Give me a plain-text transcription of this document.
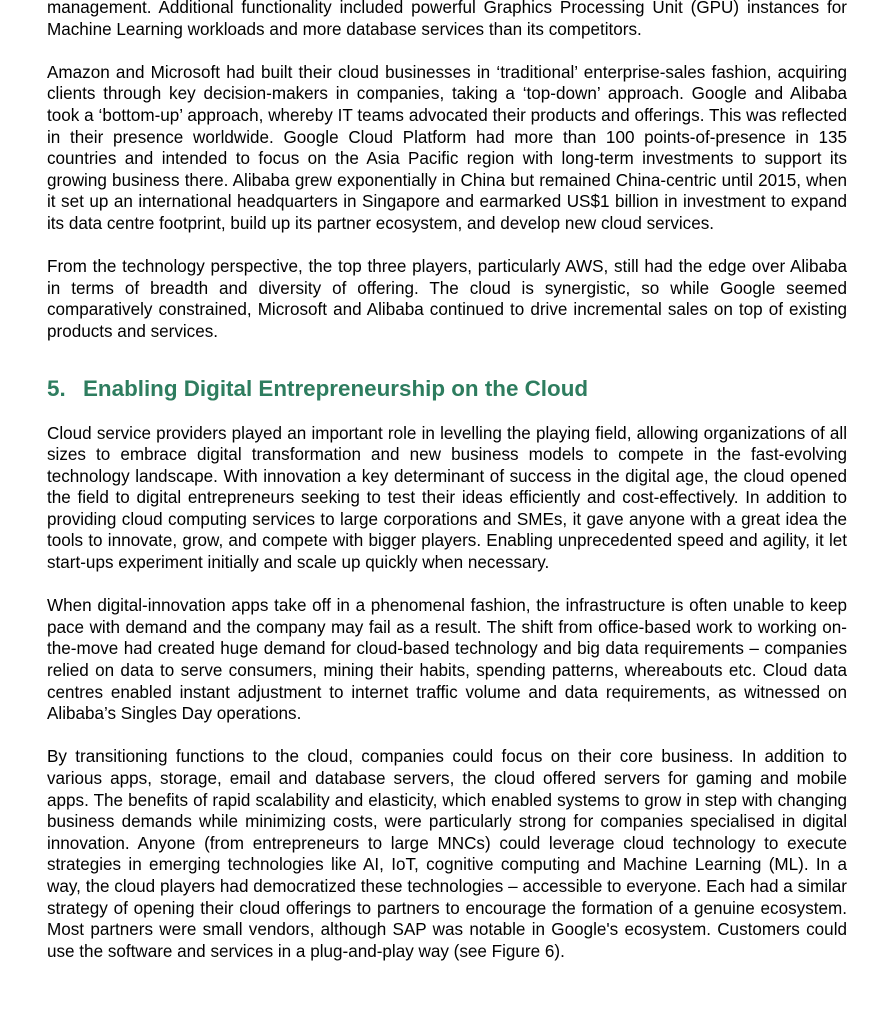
management. Additional functionality included powerful Graphics Processing Unit (GPU) instances for Machine Learning workloads and more database services than its competitors.

Amazon and Microsoft had built their cloud businesses in ‘traditional’ enterprise-sales fashion, acquiring clients through key decision-makers in companies, taking a ‘top-down’ approach. Google and Alibaba took a ‘bottom-up’ approach, whereby IT teams advocated their products and offerings. This was reflected in their presence worldwide. Google Cloud Platform had more than 100 points-of-presence in 135 countries and intended to focus on the Asia Pacific region with long-term investments to support its growing business there. Alibaba grew exponentially in China but remained China-centric until 2015, when it set up an international headquarters in Singapore and earmarked US$1 billion in investment to expand its data centre footprint, build up its partner ecosystem, and develop new cloud services.

From the technology perspective, the top three players, particularly AWS, still had the edge over Alibaba in terms of breadth and diversity of offering. The cloud is synergistic, so while Google seemed comparatively constrained, Microsoft and Alibaba continued to drive incremental sales on top of existing products and services.

5. Enabling Digital Entrepreneurship on the Cloud

Cloud service providers played an important role in levelling the playing field, allowing organizations of all sizes to embrace digital transformation and new business models to compete in the fast-evolving technology landscape. With innovation a key determinant of success in the digital age, the cloud opened the field to digital entrepreneurs seeking to test their ideas efficiently and cost-effectively. In addition to providing cloud computing services to large corporations and SMEs, it gave anyone with a great idea the tools to innovate, grow, and compete with bigger players. Enabling unprecedented speed and agility, it let start-ups experiment initially and scale up quickly when necessary.

When digital-innovation apps take off in a phenomenal fashion, the infrastructure is often unable to keep pace with demand and the company may fail as a result. The shift from office-based work to working on-the-move had created huge demand for cloud-based technology and big data requirements – companies relied on data to serve consumers, mining their habits, spending patterns, whereabouts etc. Cloud data centres enabled instant adjustment to internet traffic volume and data requirements, as witnessed on Alibaba’s Singles Day operations.

By transitioning functions to the cloud, companies could focus on their core business. In addition to various apps, storage, email and database servers, the cloud offered servers for gaming and mobile apps. The benefits of rapid scalability and elasticity, which enabled systems to grow in step with changing business demands while minimizing costs, were particularly strong for companies specialised in digital innovation. Anyone (from entrepreneurs to large MNCs) could leverage cloud technology to execute strategies in emerging technologies like AI, IoT, cognitive computing and Machine Learning (ML). In a way, the cloud players had democratized these technologies – accessible to everyone. Each had a similar strategy of opening their cloud offerings to partners to encourage the formation of a genuine ecosystem. Most partners were small vendors, although SAP was notable in Google's ecosystem. Customers could use the software and services in a plug-and-play way (see Figure 6).
